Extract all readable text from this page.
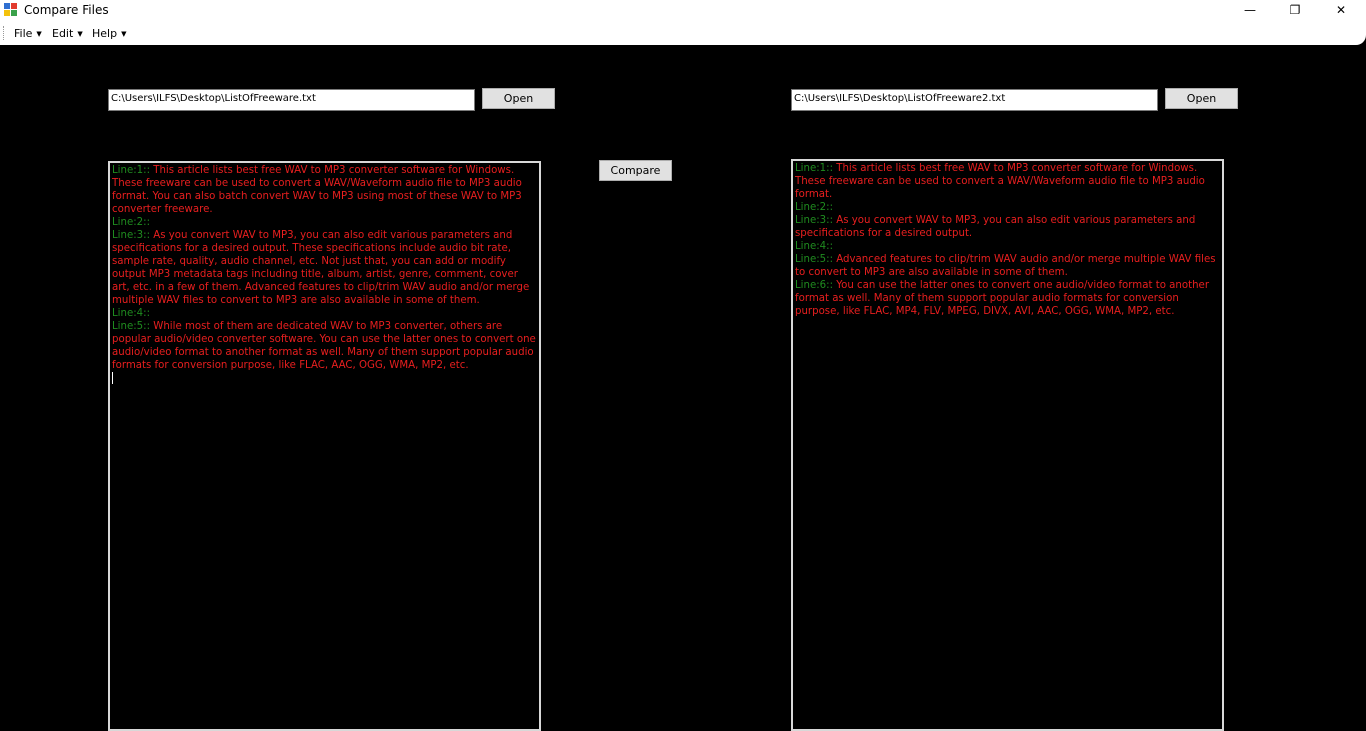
Compare Files	—	❐	✕
File ▼ Edit ▼ Help ▼
C:\Users\ILFS\Desktop\ListOfFreeware.txt	Open
Compare
C:\Users\ILFS\Desktop\ListOfFreeware2.txt	Open
Line:1:: This article lists best free WAV to MP3 converter software for Windows. These freeware can be used to convert a WAV/Waveform audio file to MP3 audio format. You can also batch convert WAV to MP3 using most of these WAV to MP3 converter freeware.
Line:2::
Line:3:: As you convert WAV to MP3, you can also edit various parameters and specifications for a desired output. These specifications include audio bit rate, sample rate, quality, audio channel, etc. Not just that, you can add or modify output MP3 metadata tags including title, album, artist, genre, comment, cover art, etc. in a few of them. Advanced features to clip/trim WAV audio and/or merge multiple WAV files to convert to MP3 are also available in some of them.
Line:4::
Line:5:: While most of them are dedicated WAV to MP3 converter, others are popular audio/video converter software. You can use the latter ones to convert one audio/video format to another format as well. Many of them support popular audio formats for conversion purpose, like FLAC, AAC, OGG, WMA, MP2, etc.
Line:1:: This article lists best free WAV to MP3 converter software for Windows. These freeware can be used to convert a WAV/Waveform audio file to MP3 audio format.
Line:2::
Line:3:: As you convert WAV to MP3, you can also edit various parameters and specifications for a desired output.
Line:4::
Line:5:: Advanced features to clip/trim WAV audio and/or merge multiple WAV files to convert to MP3 are also available in some of them.
Line:6:: You can use the latter ones to convert one audio/video format to another format as well. Many of them support popular audio formats for conversion purpose, like FLAC, MP4, FLV, MPEG, DIVX, AVI, AAC, OGG, WMA, MP2, etc.
